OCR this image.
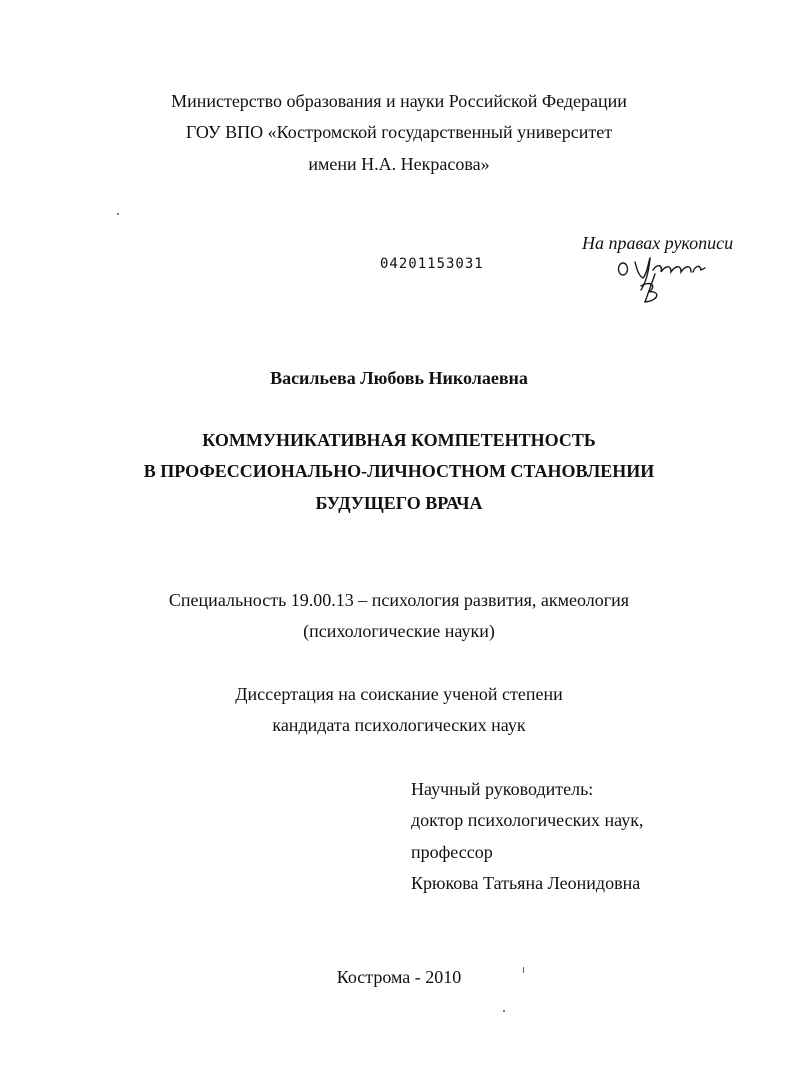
Министерство образования и науки Российской Федерации
ГОУ ВПО «Костромской государственный университет
имени Н.А. Некрасова»
04201153031
На правах рукописи
Васильева Любовь Николаевна
КОММУНИКАТИВНАЯ КОМПЕТЕНТНОСТЬ
В ПРОФЕССИОНАЛЬНО-ЛИЧНОСТНОМ СТАНОВЛЕНИИ
БУДУЩЕГО ВРАЧА
Специальность 19.00.13 – психология развития, акмеология
(психологические науки)
Диссертация на соискание ученой степени
кандидата психологических наук
Научный руководитель:
доктор психологических наук,
профессор
Крюкова Татьяна Леонидовна
Кострома - 2010
